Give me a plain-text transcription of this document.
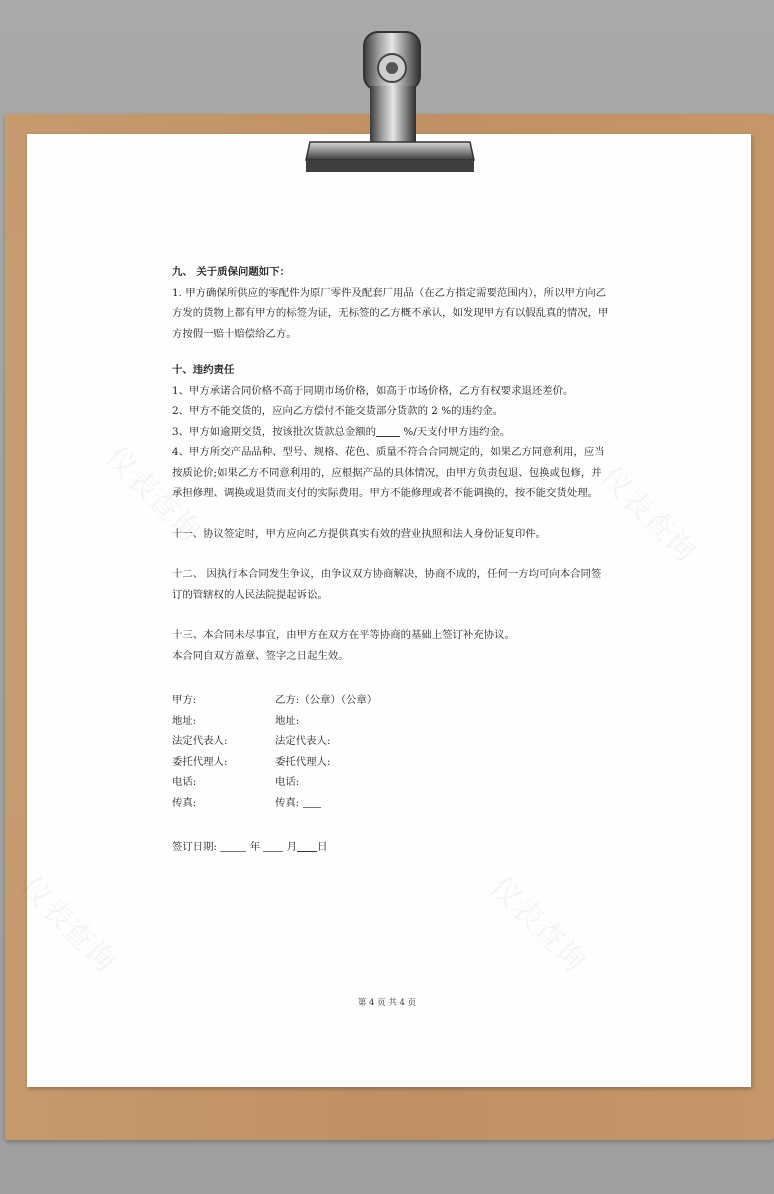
九、 关于质保问题如下：

1. 甲方确保所供应的零配件为原厂零件及配套厂用品（在乙方指定需要范围内），所以甲方向乙

方发的货物上都有甲方的标签为证，无标签的乙方概不承认，如发现甲方有以假乱真的情况，甲

方按假一赔十赔偿给乙方。

十、违约责任

1、甲方承诺合同价格不高于同期市场价格，如高于市场价格，乙方有权要求退还差价。

2、甲方不能交货的，应向乙方偿付不能交货部分货款的 2 %的违约金。

3、甲方如逾期交货，按该批次货款总金额的 %/天支付甲方违约金。

4、甲方所交产品品种、型号、规格、花色、质量不符合合同规定的，如果乙方同意利用，应当

按质论价;如果乙方不同意利用的，应根据产品的具体情况，由甲方负责包退、包换或包修，并

承担修理、调换或退货而支付的实际费用。甲方不能修理或者不能调换的，按不能交货处理。

十一、协议签定时，甲方应向乙方提供真实有效的营业执照和法人身份证复印件。

十二、 因执行本合同发生争议，由争议双方协商解决，协商不成的，任何一方均可向本合同签

订的管辖权的人民法院提起诉讼。

十三、本合同未尽事宜，由甲方在双方在平等协商的基础上签订补充协议。

本合同自双方盖章、签字之日起生效。

甲方:	乙方:（公章）（公章）
地址:	地址:
法定代表人:	法定代表人:
委托代理人:	委托代理人:
电话:	电话:
传真:	传真:

签订日期:	年	月 日

第 4 页 共 4 页
